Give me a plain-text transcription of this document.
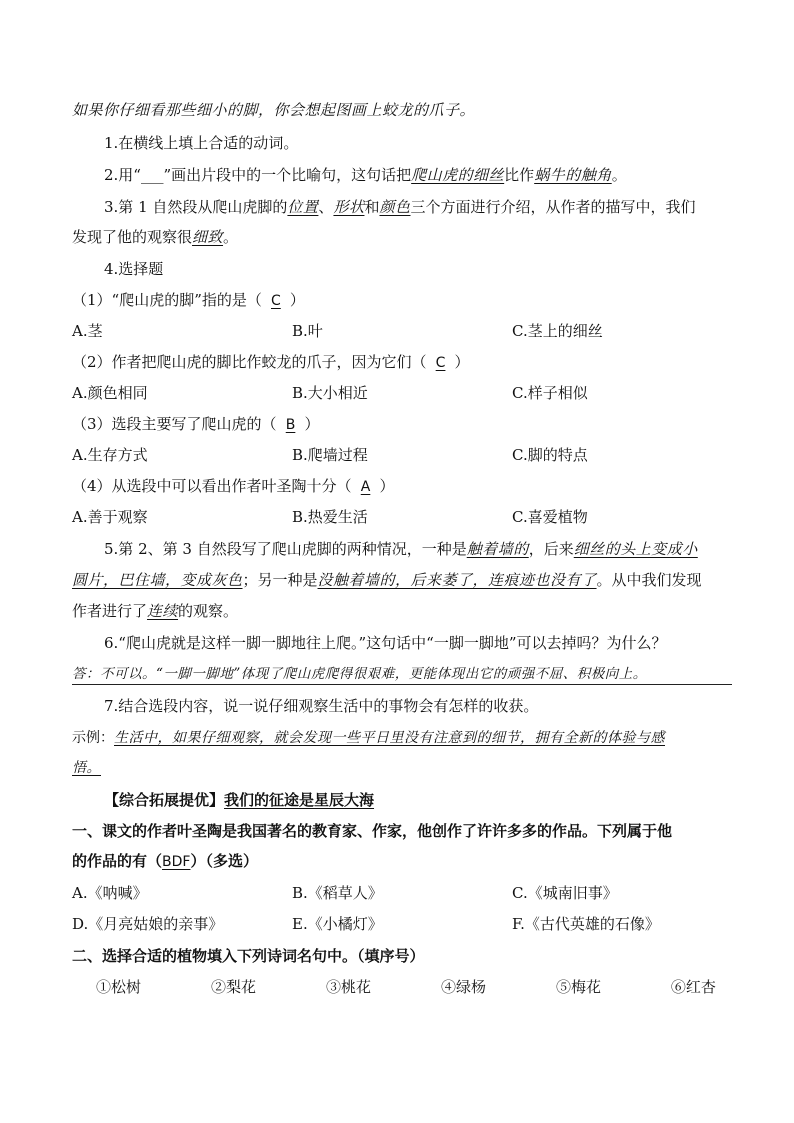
如果你仔细看那些细小的脚，你会想起图画上蛟龙的爪子。
1.在横线上填上合适的动词。
2.用“___”画出片段中的一个比喻句，这句话把爬山虎的细丝比作蜗牛的触角。
3.第 1 自然段从爬山虎脚的位置、形状和颜色三个方面进行介绍，从作者的描写中，我们
发现了他的观察很细致。
4.选择题
（1）“爬山虎的脚”指的是（ C ）
A.茎	B.叶	C.茎上的细丝
（2）作者把爬山虎的脚比作蛟龙的爪子，因为它们（ C ）
A.颜色相同	B.大小相近	C.样子相似
（3）选段主要写了爬山虎的（ B ）
A.生存方式	B.爬墙过程	C.脚的特点
（4）从选段中可以看出作者叶圣陶十分（ A ）
A.善于观察	B.热爱生活	C.喜爱植物
5.第 2、第 3 自然段写了爬山虎脚的两种情况，一种是触着墙的，后来细丝的头上变成小
圆片，巴住墙，变成灰色；另一种是没触着墙的，后来萎了，连痕迹也没有了。从中我们发现
作者进行了连续的观察。
6.“爬山虎就是这样一脚一脚地往上爬。”这句话中“一脚一脚地”可以去掉吗？为什么？
答：不可以。“一脚一脚地”体现了爬山虎爬得很艰难，更能体现出它的顽强不屈、积极向上。
7.结合选段内容，说一说仔细观察生活中的事物会有怎样的收获。
示例：生活中，如果仔细观察，就会发现一些平日里没有注意到的细节，拥有全新的体验与感
悟。
【综合拓展提优】我们的征途是星辰大海
一、课文的作者叶圣陶是我国著名的教育家、作家，他创作了许许多多的作品。下列属于他
的作品的有（BDF）（多选）
A.《呐喊》	B.《稻草人》	C.《城南旧事》
D.《月亮姑娘的亲事》	E.《小橘灯》	F.《古代英雄的石像》
二、选择合适的植物填入下列诗词名句中。（填序号）
①松树	②梨花	③桃花	④绿杨	⑤梅花	⑥红杏
